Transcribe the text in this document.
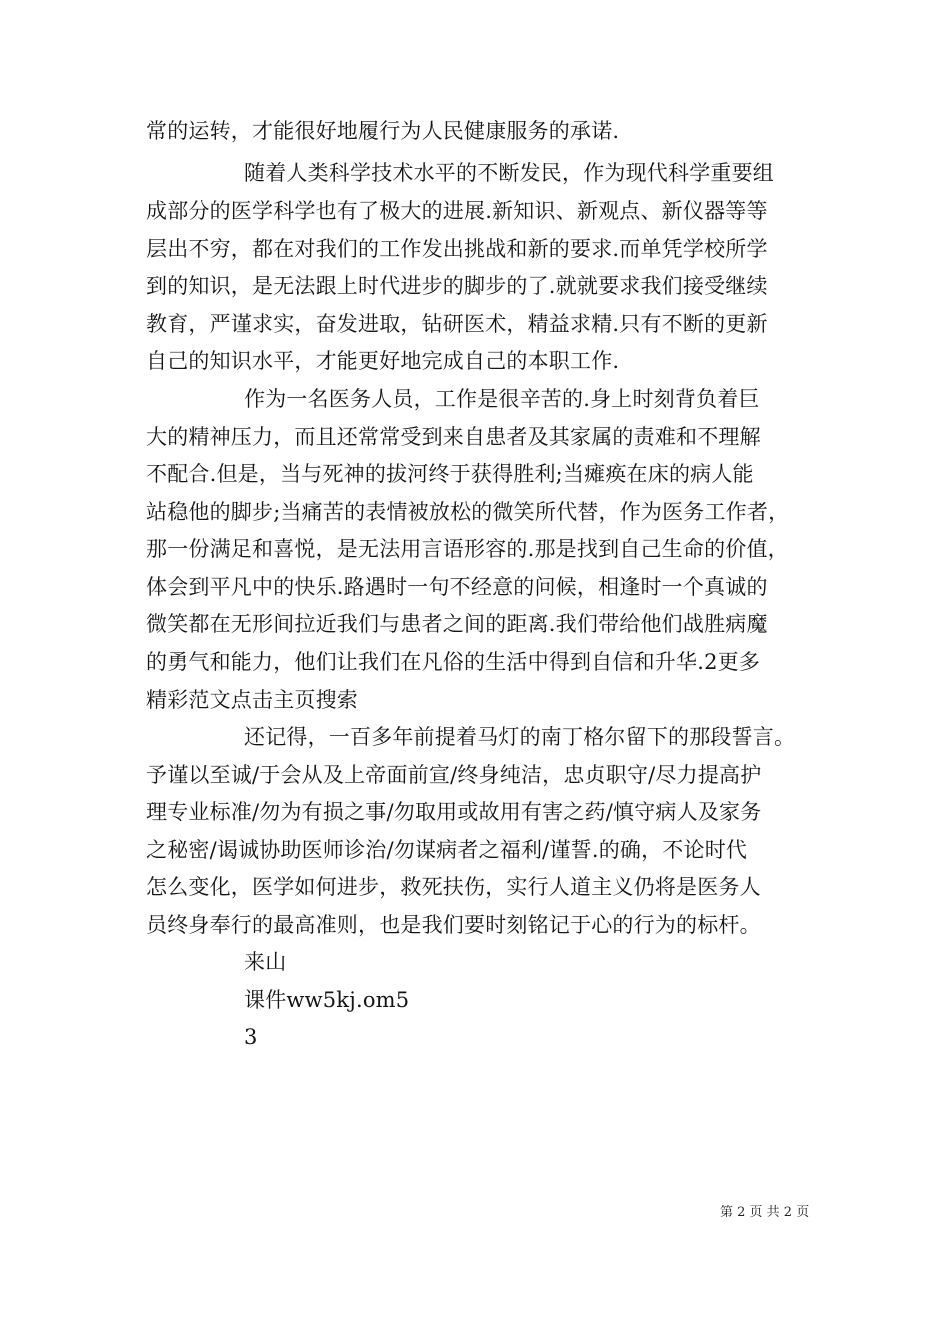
常的运转，才能很好地履行为人民健康服务的承诺.
随着人类科学技术水平的不断发民，作为现代科学重要组
成部分的医学科学也有了极大的进展.新知识、新观点、新仪器等等
层出不穷，都在对我们的工作发出挑战和新的要求.而单凭学校所学
到的知识，是无法跟上时代进步的脚步的了.就就要求我们接受继续
教育，严谨求实，奋发进取，钻研医术，精益求精.只有不断的更新
自己的知识水平，才能更好地完成自己的本职工作.
作为一名医务人员，工作是很辛苦的.身上时刻背负着巨
大的精神压力，而且还常常受到来自患者及其家属的责难和不理解
不配合.但是，当与死神的拔河终于获得胜利;当瘫痪在床的病人能
站稳他的脚步;当痛苦的表情被放松的微笑所代替，作为医务工作者，
那一份满足和喜悦，是无法用言语形容的.那是找到自己生命的价值，
体会到平凡中的快乐.路遇时一句不经意的问候，相逢时一个真诚的
微笑都在无形间拉近我们与患者之间的距离.我们带给他们战胜病魔
的勇气和能力，他们让我们在凡俗的生活中得到自信和升华.2更多
精彩范文点击主页搜索
还记得，一百多年前提着马灯的南丁格尔留下的那段誓言。
予谨以至诚/于会从及上帝面前宣/终身纯洁，忠贞职守/尽力提高护
理专业标准/勿为有损之事/勿取用或故用有害之药/慎守病人及家务
之秘密/谒诚协助医师诊治/勿谋病者之福利/谨誓.的确，不论时代
怎么变化，医学如何进步，救死扶伤，实行人道主义仍将是医务人
员终身奉行的最高准则，也是我们要时刻铭记于心的行为的标杆。
来山
课件ww5kj.om5
3
第 2 页 共 2 页
